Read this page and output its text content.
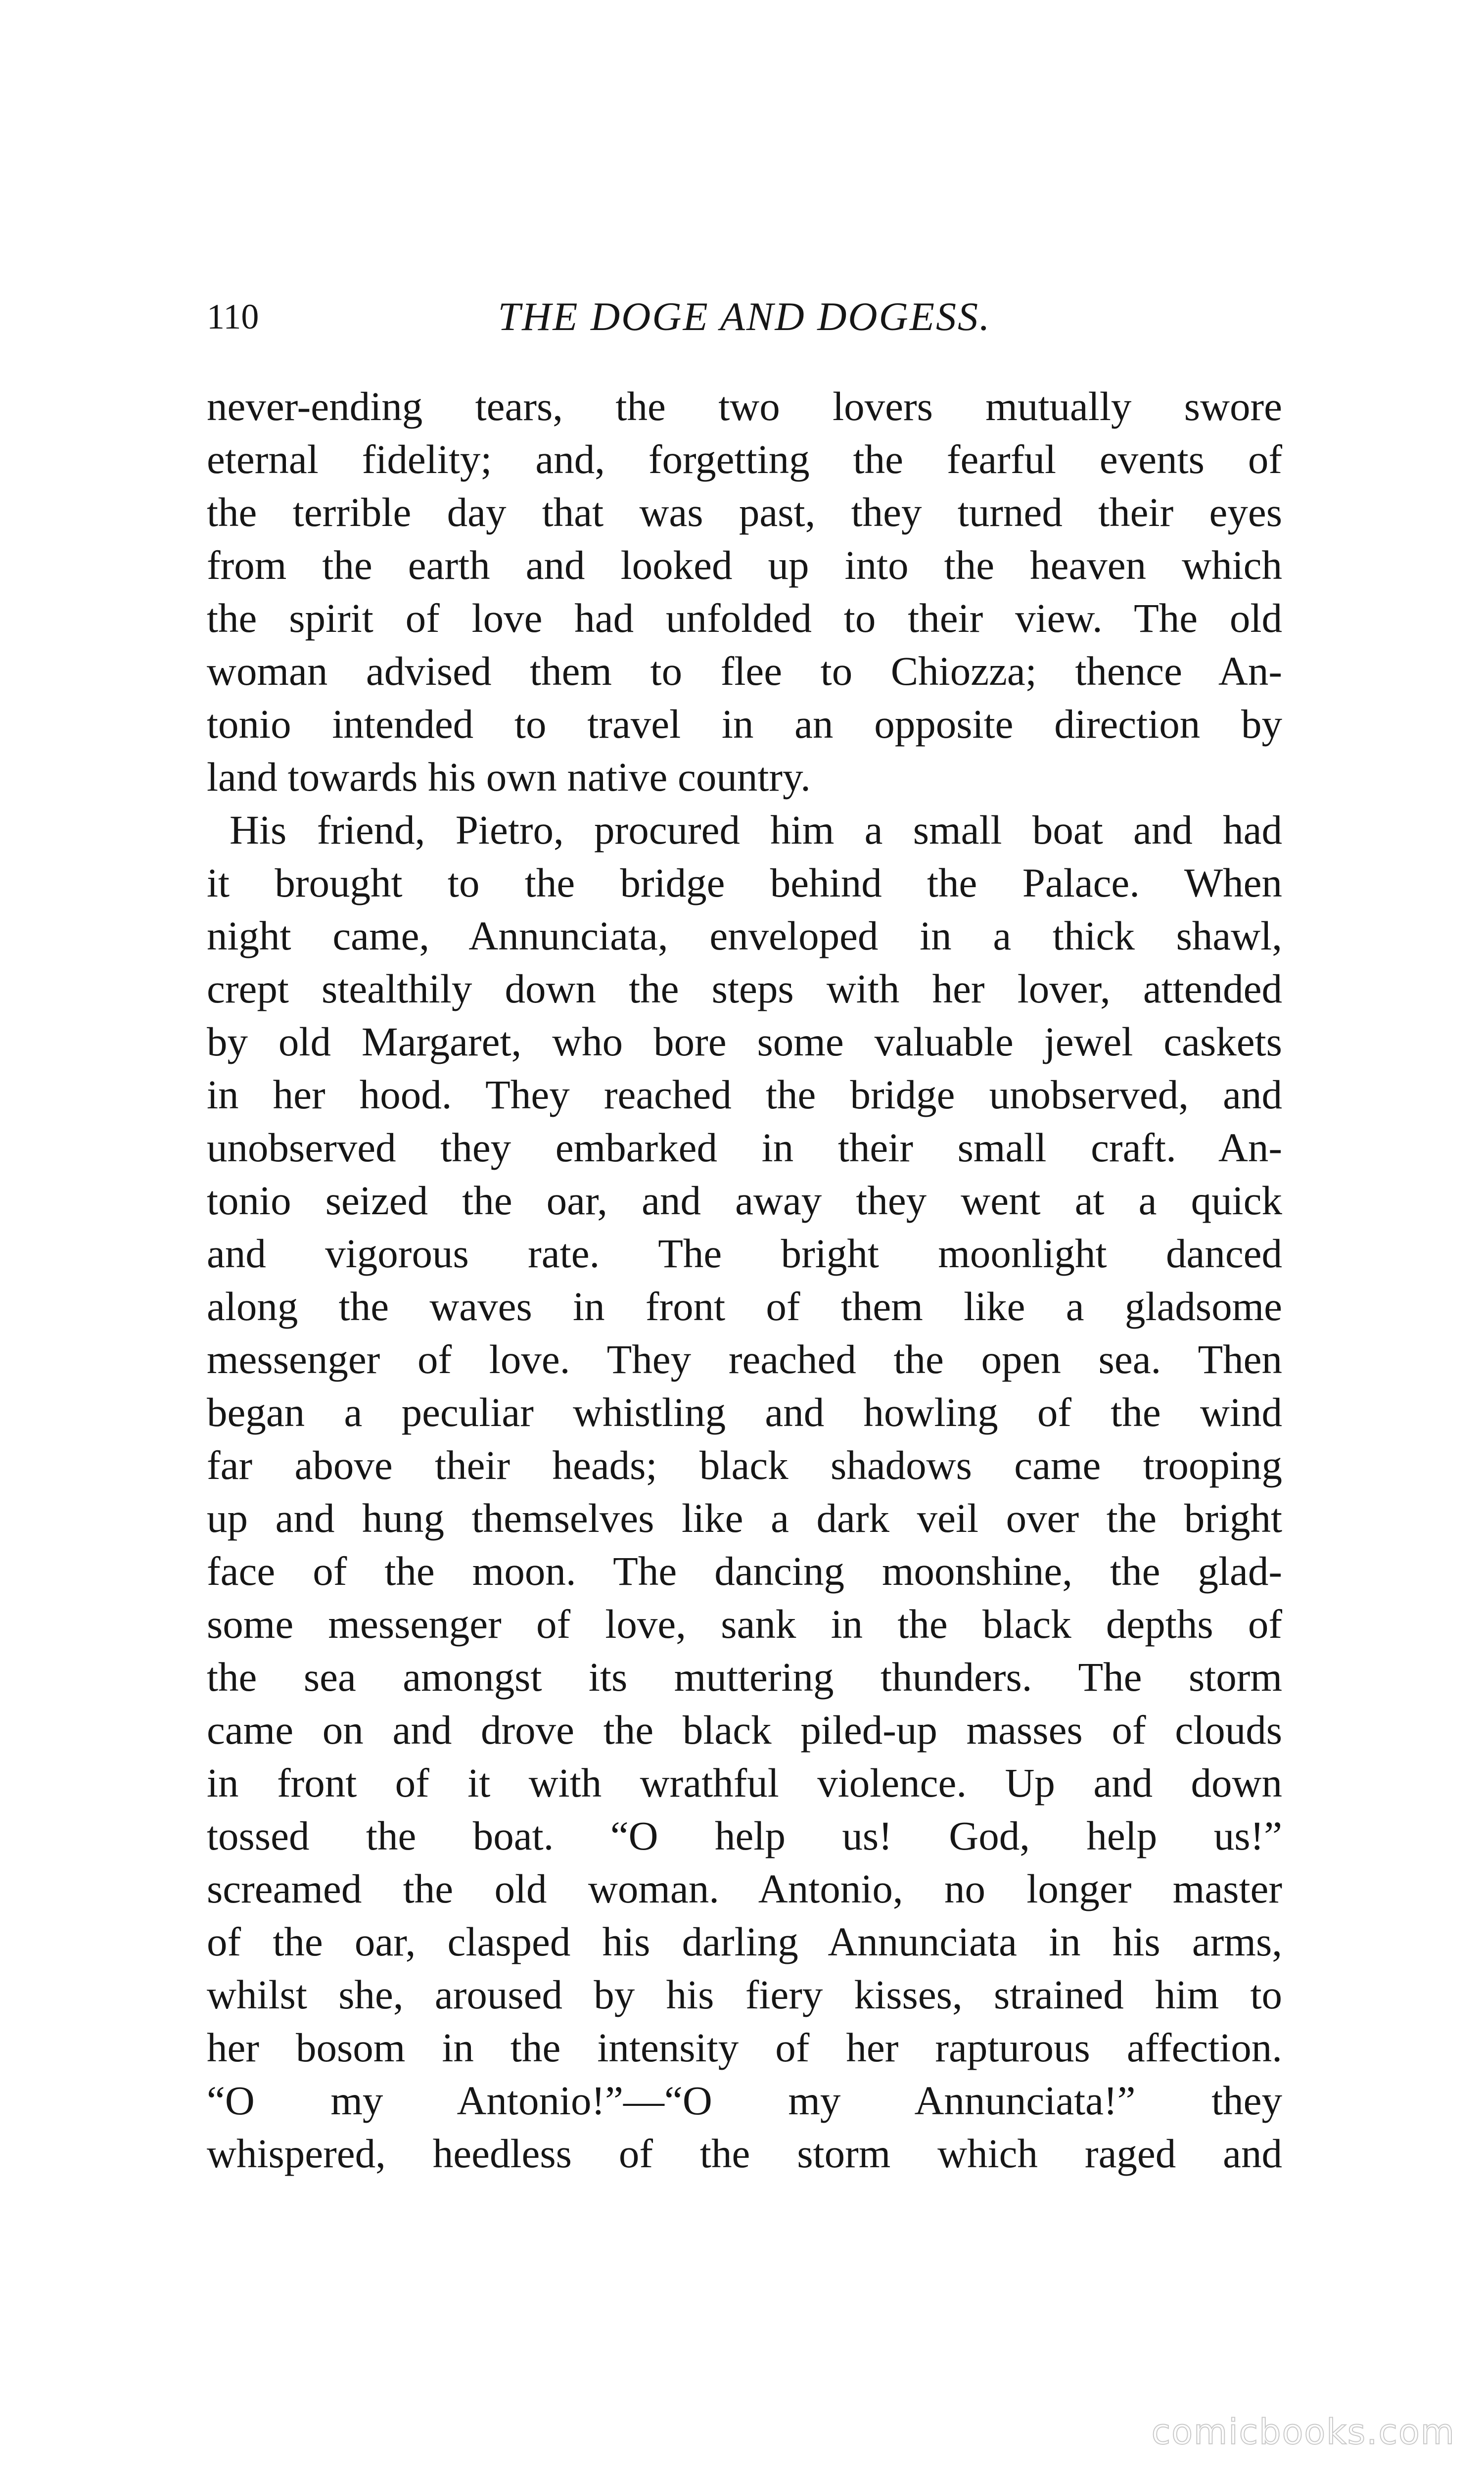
110	THE DOGE AND DOGESS.
never-ending tears, the two lovers mutually swore
eternal fidelity; and, forgetting the fearful events of
the terrible day that was past, they turned their eyes
from the earth and looked up into the heaven which
the spirit of love had unfolded to their view. The old
woman advised them to flee to Chiozza; thence An-
tonio intended to travel in an opposite direction by
land towards his own native country.
His friend, Pietro, procured him a small boat and had
it brought to the bridge behind the Palace. When
night came, Annunciata, enveloped in a thick shawl,
crept stealthily down the steps with her lover, attended
by old Margaret, who bore some valuable jewel caskets
in her hood. They reached the bridge unobserved, and
unobserved they embarked in their small craft. An-
tonio seized the oar, and away they went at a quick
and vigorous rate. The bright moonlight danced
along the waves in front of them like a gladsome
messenger of love. They reached the open sea. Then
began a peculiar whistling and howling of the wind
far above their heads; black shadows came trooping
up and hung themselves like a dark veil over the bright
face of the moon. The dancing moonshine, the glad-
some messenger of love, sank in the black depths of
the sea amongst its muttering thunders. The storm
came on and drove the black piled-up masses of clouds
in front of it with wrathful violence. Up and down
tossed the boat. “O help us! God, help us!”
screamed the old woman. Antonio, no longer master
of the oar, clasped his darling Annunciata in his arms,
whilst she, aroused by his fiery kisses, strained him to
her bosom in the intensity of her rapturous affection.
“O my Antonio!”—“O my Annunciata!” they
whispered, heedless of the storm which raged and
comicbooks.com
